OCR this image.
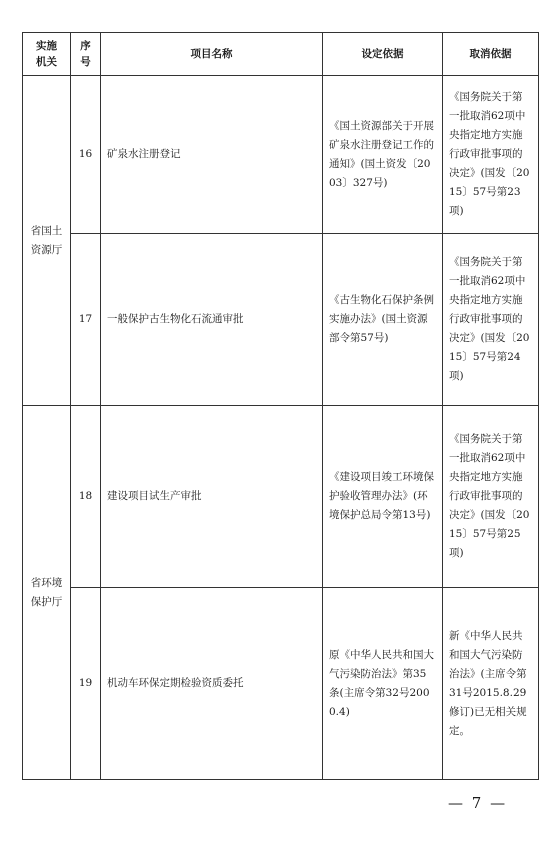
实施
机关	序号	项目名称	设定依据	取消依据

省国土
资源厅	16	矿泉水注册登记	《国土资源部关于开展矿泉水注册登记工作的通知》(国土资发〔2003〕327号)	《国务院关于第一批取消62项中央指定地方实施行政审批事项的决定》(国发〔2015〕57号第23项)
	17	一般保护古生物化石流通审批	《古生物化石保护条例实施办法》(国土资源部令第57号)	《国务院关于第一批取消62项中央指定地方实施行政审批事项的决定》(国发〔2015〕57号第24项)

省环境
保护厅	18	建设项目试生产审批	《建设项目竣工环境保护验收管理办法》(环境保护总局令第13号)	《国务院关于第一批取消62项中央指定地方实施行政审批事项的决定》(国发〔2015〕57号第25项)
	19	机动车环保定期检验资质委托	原《中华人民共和国大气污染防治法》第35条(主席令第32号2000.4)	新《中华人民共和国大气污染防治法》(主席令第31号2015.8.29修订)已无相关规定。
— 7 —
